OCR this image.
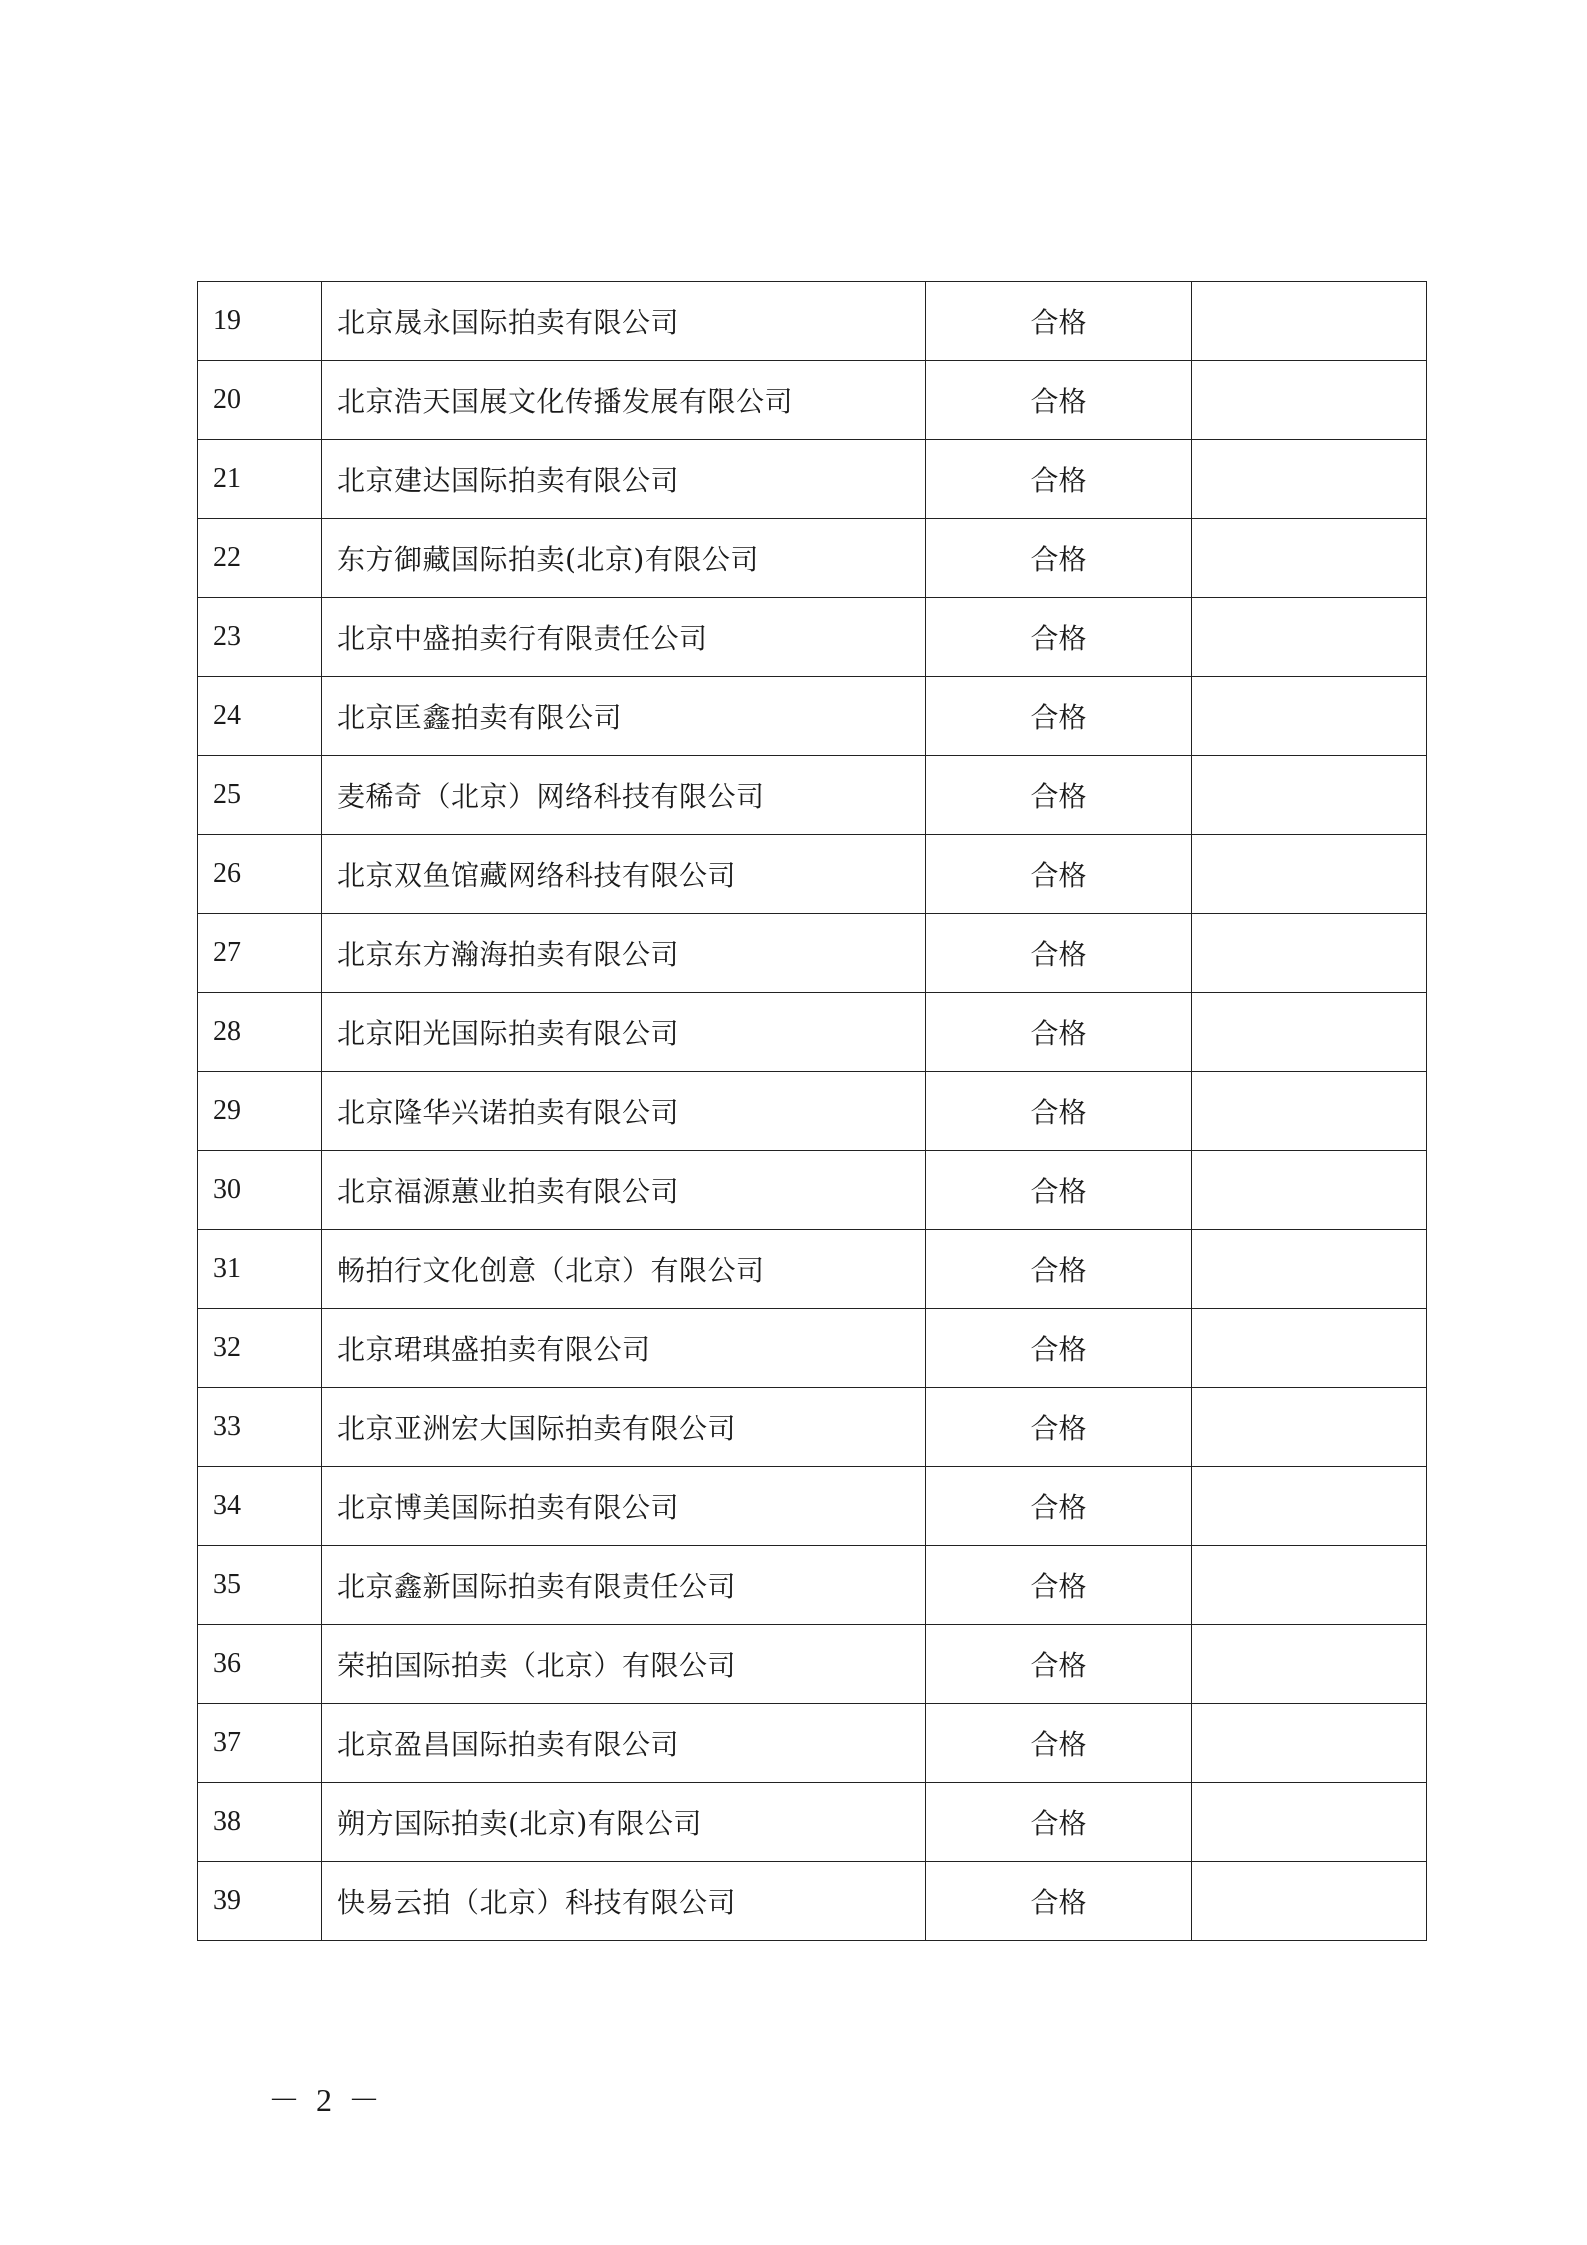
19	北京晟永国际拍卖有限公司	合格	
20	北京浩天国展文化传播发展有限公司	合格	
21	北京建达国际拍卖有限公司	合格	
22	东方御藏国际拍卖(北京)有限公司	合格	
23	北京中盛拍卖行有限责任公司	合格	
24	北京匡鑫拍卖有限公司	合格	
25	麦稀奇（北京）网络科技有限公司	合格	
26	北京双鱼馆藏网络科技有限公司	合格	
27	北京东方瀚海拍卖有限公司	合格	
28	北京阳光国际拍卖有限公司	合格	
29	北京隆华兴诺拍卖有限公司	合格	
30	北京福源蕙业拍卖有限公司	合格	
31	畅拍行文化创意（北京）有限公司	合格	
32	北京珺琪盛拍卖有限公司	合格	
33	北京亚洲宏大国际拍卖有限公司	合格	
34	北京博美国际拍卖有限公司	合格	
35	北京鑫新国际拍卖有限责任公司	合格	
36	荣拍国际拍卖（北京）有限公司	合格	
37	北京盈昌国际拍卖有限公司	合格	
38	朔方国际拍卖(北京)有限公司	合格	
39	快易云拍（北京）科技有限公司	合格	
－ 2 －
